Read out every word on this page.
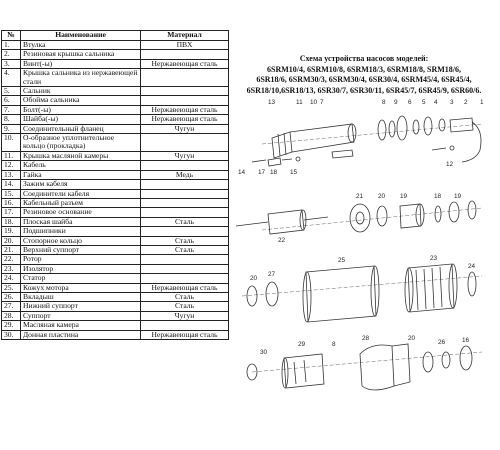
№	Наименование	Материал
1.	Втулка	ПВХ
2.	Резиновая крышка сальника	
3.	Винт(-ы)	Нержавеющая сталь
4.	Крышка сальника из нержавеющей стали	
5.	Сальник	
6.	Обойма сальника	
7.	Болт(-ы)	Нержавеющая сталь
8.	Шайба(-ы)	Нержавеющая сталь
9.	Соединительный фланец	Чугун
10.	О-образное уплотнительное кольцо (прокладка)	
11.	Крышка масляной камеры	Чугун
12.	Кабель	
13.	Гайка	Медь
14.	Зажим кабеля	
15.	Соединители кабеля	
16.	Кабельный разъем	
17.	Резиновое основание	
18.	Плоская шайба	Сталь
19.	Подшипники	
20.	Стопорное кольцо	Сталь
21.	Верхний суппорт	Сталь
22.	Ротор	
23.	Изолятор	
24.	Статор	
25.	Кожух мотора	Нержавеющая сталь
26.	Вкладыш	Сталь
27.	Нижний суппорт	Сталь
28.	Суппорт	Чугун
29.	Масляная камера	
30.	Донная пластина	Нержавеющая сталь
Схема устройства насосов моделей:
6SRM10/4, 6SRM10/8, 6SRM18/3, 6SRM18/8, SRM18/6,
6SR18/6, 6SRM30/3, 6SRM30/4, 6SR30/4, 6SRM45/4, 6SR45/4,
6SR18/10,6SR18/13, 6SR30/7, 6SR30/11, 6SR45/7, 6SR45/9, 6SR60/6.
13	11 10 7	8 9 6 5 4 3 2 1
14 17 18 15
12
21 20 19	18 19
22
20
27
25	23
24
30
29	8
28	20
26	16
